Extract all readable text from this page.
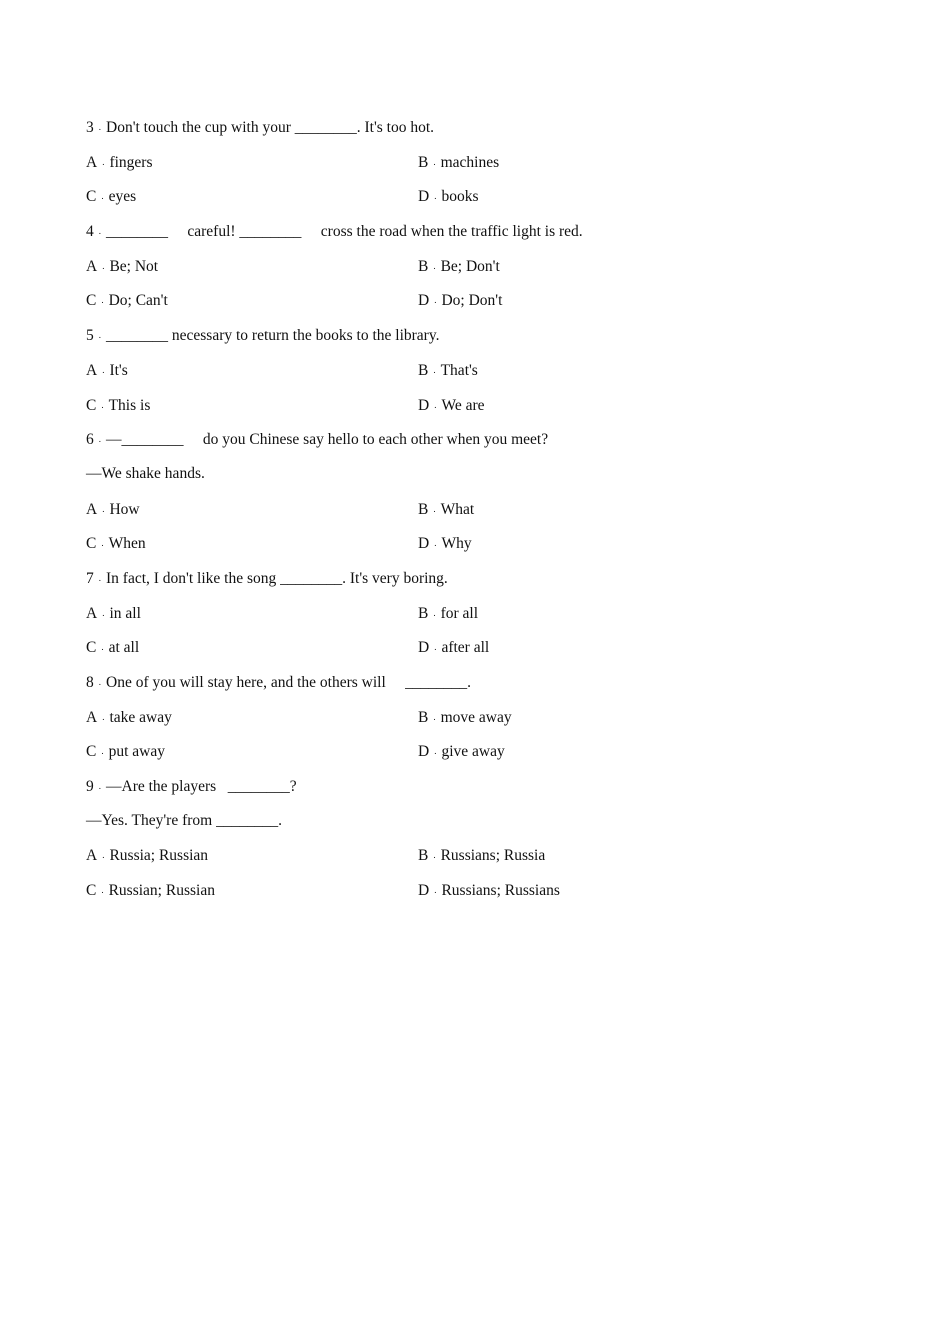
3 . Don't touch the cup with your ________. It's too hot.

A . fingers

	B . machines

C . eyes

	D . books

4 . ________     careful! ________     cross the road when the traffic light is red.

A . Be; Not

	B . Be; Don't

C . Do; Can't

	D . Do; Don't

5 . ________ necessary to return the books to the library.

A . It's

	B . That's

C . This is

	D . We are

6 . —________     do you Chinese say hello to each other when you meet?
—We shake hands.

A . How

	B . What

C . When

	D . Why

7 . In fact, I don't like the song ________. It's very boring.

A . in all

	B . for all

C . at all

	D . after all

8 . One of you will stay here, and the others will     ________.

A . take away

	B . move away

C . put away

	D . give away

9 . —Are the players   ________?
—Yes. They're from ________.

A . Russia; Russian

	B . Russians; Russia

C . Russian; Russian

	D . Russians; Russians
